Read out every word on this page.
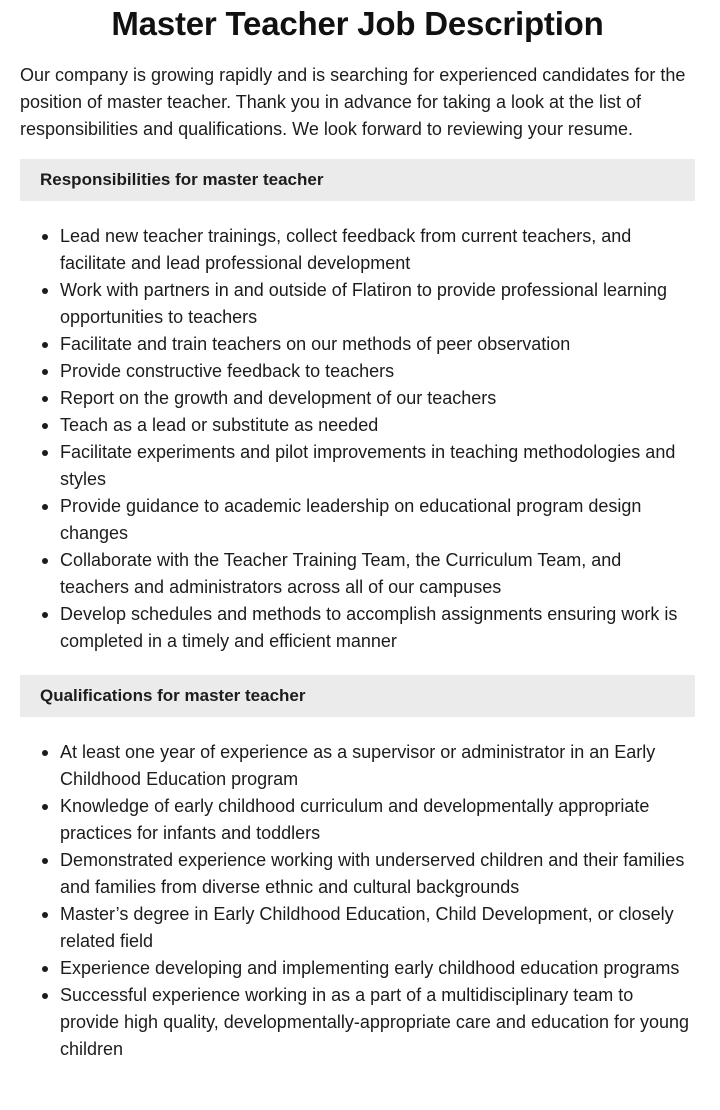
Master Teacher Job Description

Our company is growing rapidly and is searching for experienced candidates for the position of master teacher. Thank you in advance for taking a look at the list of responsibilities and qualifications. We look forward to reviewing your resume.

Responsibilities for master teacher
Lead new teacher trainings, collect feedback from current teachers, and facilitate and lead professional development
Work with partners in and outside of Flatiron to provide professional learning opportunities to teachers
Facilitate and train teachers on our methods of peer observation
Provide constructive feedback to teachers
Report on the growth and development of our teachers
Teach as a lead or substitute as needed
Facilitate experiments and pilot improvements in teaching methodologies and styles
Provide guidance to academic leadership on educational program design changes
Collaborate with the Teacher Training Team, the Curriculum Team, and teachers and administrators across all of our campuses
Develop schedules and methods to accomplish assignments ensuring work is completed in a timely and efficient manner
Qualifications for master teacher
At least one year of experience as a supervisor or administrator in an Early Childhood Education program
Knowledge of early childhood curriculum and developmentally appropriate practices for infants and toddlers
Demonstrated experience working with underserved children and their families and families from diverse ethnic and cultural backgrounds
Master’s degree in Early Childhood Education, Child Development, or closely related field
Experience developing and implementing early childhood education programs
Successful experience working in as a part of a multidisciplinary team to provide high quality, developmentally-appropriate care and education for young children
